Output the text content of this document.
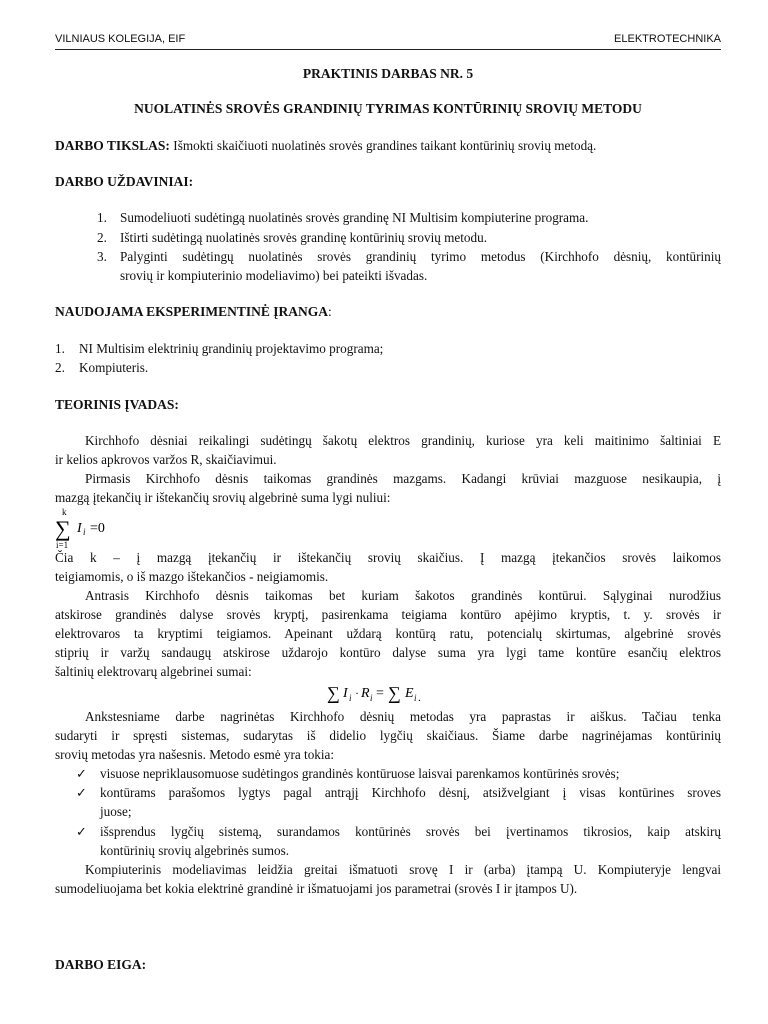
VILNIAUS KOLEGIJA, EIF	ELEKTROTECHNIKA
PRAKTINIS DARBAS NR. 5
NUOLATINĖS SROVĖS GRANDINIŲ TYRIMAS KONTŪRINIŲ SROVIŲ METODU
DARBO TIKSLAS: Išmokti skaičiuoti nuolatinės srovės grandines taikant kontūrinių srovių metodą.
DARBO UŽDAVINIAI:
1. Sumodeliuoti sudėtingą nuolatinės srovės grandinę NI Multisim kompiuterine programa.
2. Ištirti sudėtingą nuolatinės srovės grandinę kontūrinių srovių metodu.
3. Palyginti sudėtingų nuolatinės srovės grandinių tyrimo metodus (Kirchhofo dėsnių, kontūrinių
srovių ir kompiuterinio modeliavimo) bei pateikti išvadas.
NAUDOJAMA EKSPERIMENTINĖ ĮRANGA:
1. NI Multisim elektrinių grandinių projektavimo programa;
2. Kompiuteris.
TEORINIS ĮVADAS:
Kirchhofo dėsniai reikalingi sudėtingų šakotų elektros grandinių, kuriose yra keli maitinimo šaltiniai E
ir kelios apkrovos varžos R, skaičiavimui.
Pirmasis Kirchhofo dėsnis taikomas grandinės mazgams. Kadangi krūviai mazguose nesikaupia, į
mazgą įtekančių ir ištekančių srovių algebrinė suma lygi nuliui:
k
∑
i=1
I i =0
Čia k – į mazgą įtekančių ir ištekančių srovių skaičius. Į mazgą įtekančios srovės laikomos
teigiamomis, o iš mazgo ištekančios - neigiamomis.
Antrasis Kirchhofo dėsnis taikomas bet kuriam šakotos grandinės kontūrui. Sąlyginai nurodžius
atskirose grandinės dalyse srovės kryptį, pasirenkama teigiama kontūro apėjimo kryptis, t. y. srovės ir
elektrovaros ta kryptimi teigiamos. Apeinant uždarą kontūrą ratu, potencialų skirtumas, algebrinė srovės
stiprių ir varžų sandaugų atskirose uždarojo kontūro dalyse suma yra lygi tame kontūre esančių elektros
šaltinių elektrovarų algebrinei sumai:
∑ I i · R i = ∑ E i .
Ankstesniame darbe nagrinėtas Kirchhofo dėsnių metodas yra paprastas ir aiškus. Tačiau tenka
sudaryti ir spręsti sistemas, sudarytas iš didelio lygčių skaičiaus. Šiame darbe nagrinėjamas kontūrinių
srovių metodas yra našesnis. Metodo esmė yra tokia:
✓ visuose nepriklausomuose sudėtingos grandinės kontūruose laisvai parenkamos kontūrinės srovės;
✓ kontūrams parašomos lygtys pagal antrąjį Kirchhofo dėsnį, atsižvelgiant į visas kontūrines sroves
juose;
✓ išsprendus lygčių sistemą, surandamos kontūrinės srovės bei įvertinamos tikrosios, kaip atskirų
kontūrinių srovių algebrinės sumos.
Kompiuterinis modeliavimas leidžia greitai išmatuoti srovę I ir (arba) įtampą U. Kompiuteryje lengvai
sumodeliuojama bet kokia elektrinė grandinė ir išmatuojami jos parametrai (srovės I ir įtampos U).
DARBO EIGA:
